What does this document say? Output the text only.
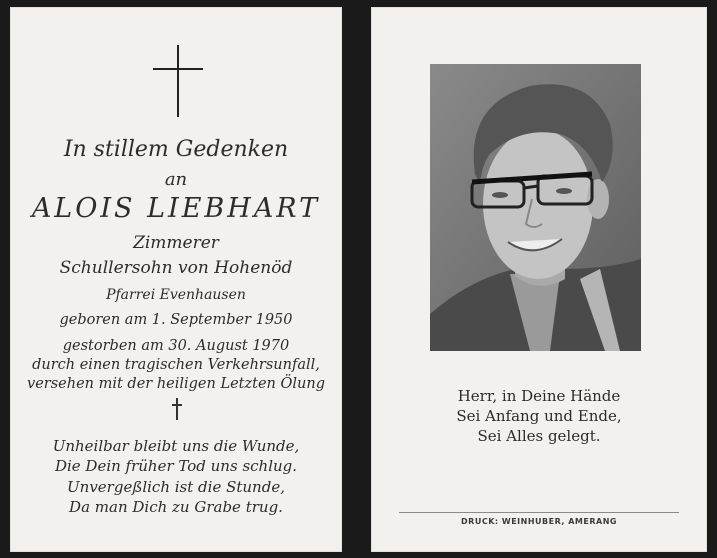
In stillem Gedenken
an
ALOIS LIEBHART
Zimmerer
Schullersohn von Hohenöd
Pfarrei Evenhausen
geboren am 1. September 1950
gestorben am 30. August 1970
durch einen tragischen Verkehrsunfall,
versehen mit der heiligen Letzten Ölung
Unheilbar bleibt uns die Wunde,
Die Dein früher Tod uns schlug.
Unvergeßlich ist die Stunde,
Da man Dich zu Grabe trug.
Herr, in Deine Hände
Sei Anfang und Ende,
Sei Alles gelegt.
DRUCK: WEINHUBER, AMERANG
